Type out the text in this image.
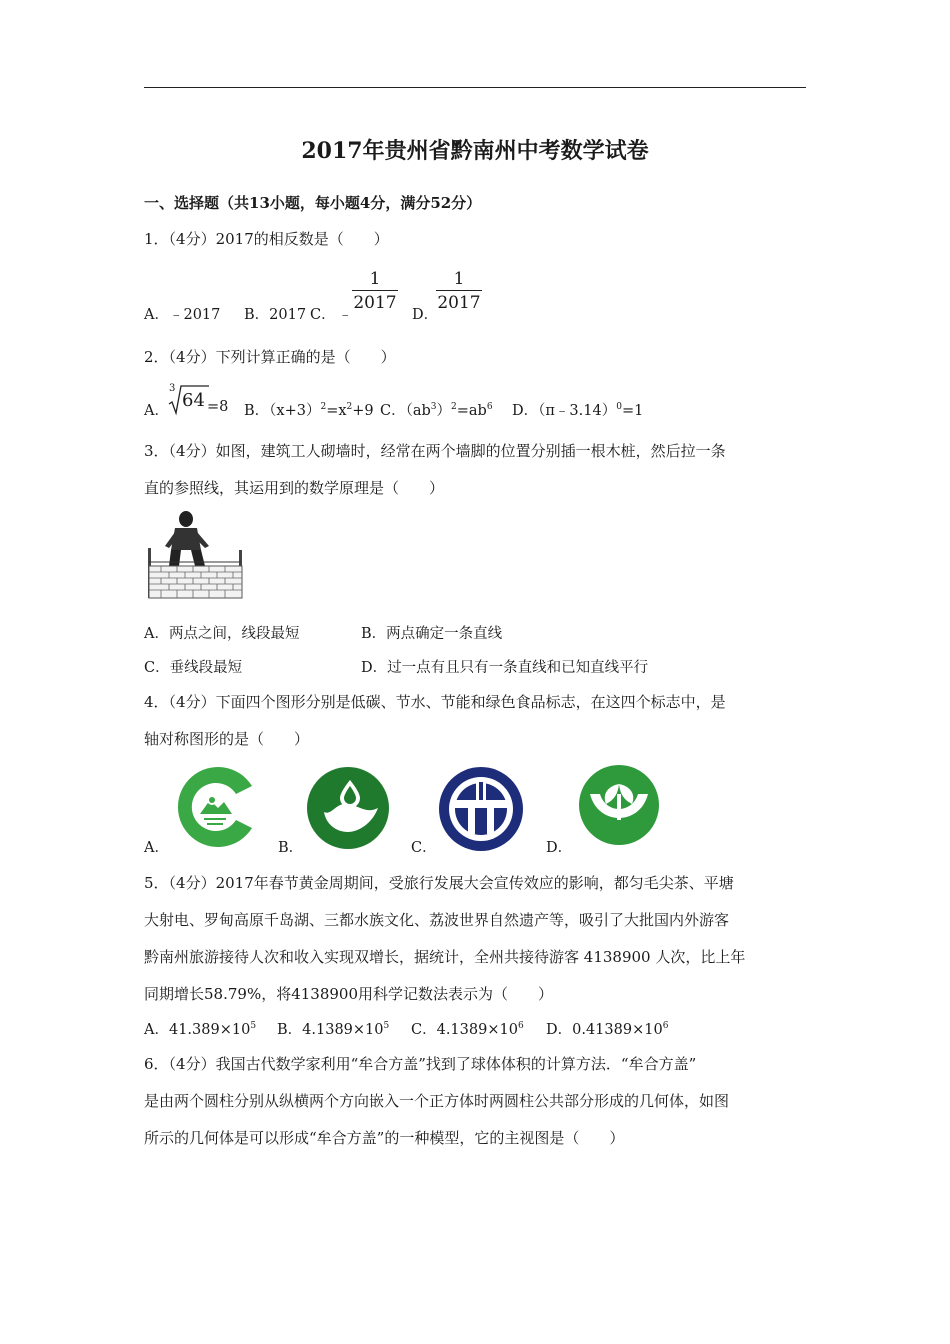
2017年贵州省黔南州中考数学试卷
一、选择题（共13小题，每小题4分，满分52分）
1．（4分）2017的相反数是（　　）
A．﹣2017 B．2017 C． ﹣
1
2017
D．
1
2017
2．（4分）下列计算正确的是（　　）
A．
3
64 =8 B．$(x+3)^2=x^2+9$ C．$(ab^3)^2=ab^6$ D．（π﹣3.14）$^0$=1
3．（4分）如图，建筑工人砌墙时，经常在两个墙脚的位置分别插一根木桩，然后拉一条
直的参照线，其运用到的数学原理是（　　）
A．两点之间，线段最短	B．两点确定一条直线
C．垂线段最短	D．过一点有且只有一条直线和已知直线平行
4．（4分）下面四个图形分别是低碳、节水、节能和绿色食品标志，在这四个标志中，是
轴对称图形的是（　　）
A．	B．	C．	D．
5．（4分）2017年春节黄金周期间，受旅行发展大会宣传效应的影响，都匀毛尖茶、平塘
大射电、罗甸高原千岛湖、三都水族文化、荔波世界自然遗产等，吸引了大批国内外游客
黔南州旅游接待人次和收入实现双增长，据统计，全州共接待游客 4138900 人次，比上年
同期增长58.79%，将4138900用科学记数法表示为（　　）
A．$41.389\times 10^5$ B．$4.1389\times 10^5$ C．$4.1389\times 10^6$ D．$0.41389\times 10^6$
6．（4分）我国古代数学家利用“牟合方盖”找到了球体体积的计算方法．“牟合方盖”
是由两个圆柱分别从纵横两个方向嵌入一个正方体时两圆柱公共部分形成的几何体，如图
所示的几何体是可以形成“牟合方盖”的一种模型，它的主视图是（　　）
